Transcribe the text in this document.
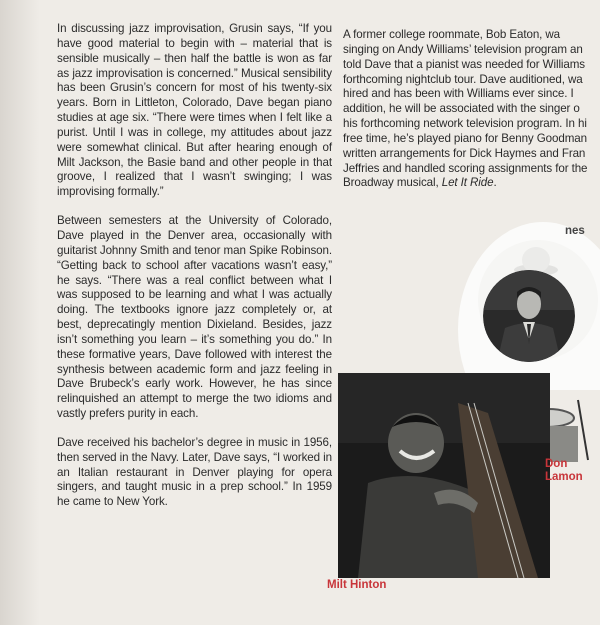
In discussing jazz improvisation, Grusin says, “If you have good material to begin with – material that is sensible musically – then half the battle is won as far as jazz improvisation is concerned.” Musical sensibility has been Grusin’s concern for most of his twenty-six years. Born in Littleton, Colorado, Dave began piano studies at age six. “There were times when I felt like a purist. Until I was in college, my attitudes about jazz were somewhat clinical. But after hearing enough of Milt Jackson, the Basie band and other people in that groove, I realized that I wasn’t swinging; I was improvising formally.”

Between semesters at the University of Colorado, Dave played in the Denver area, occasionally with guitarist Johnny Smith and tenor man Spike Robinson. “Getting back to school after vacations wasn’t easy,” he says. “There was a real conflict between what I was supposed to be learning and what I was actually doing. The textbooks ignore jazz completely or, at best, deprecatingly mention Dixieland. Besides, jazz isn’t something you learn – it’s something you do.” In these formative years, Dave followed with interest the synthesis between academic form and jazz feeling in Dave Brubeck’s early work. However, he has since relinquished an attempt to merge the two idioms and vastly prefers purity in each.

Dave received his bachelor’s degree in music in 1956, then served in the Navy. Later, Dave says, “I worked in an Italian restaurant in Denver playing for opera singers, and taught music in a prep school.” In 1959 he came to New York.

A former college roommate, Bob Eaton, wa
singing on Andy Williams’ television program an
told Dave that a pianist was needed for Williams
forthcoming nightclub tour. Dave auditioned, wa
hired and has been with Williams ever since. I
addition, he will be associated with the singer o
his forthcoming network television program. In hi
free time, he’s played piano for Benny Goodman
written arrangements for Dick Haymes and Fran
Jeffries and handled scoring assignments for the
Broadway musical, Let It Ride.
Milt Hinton
Don
Lamon
nes
